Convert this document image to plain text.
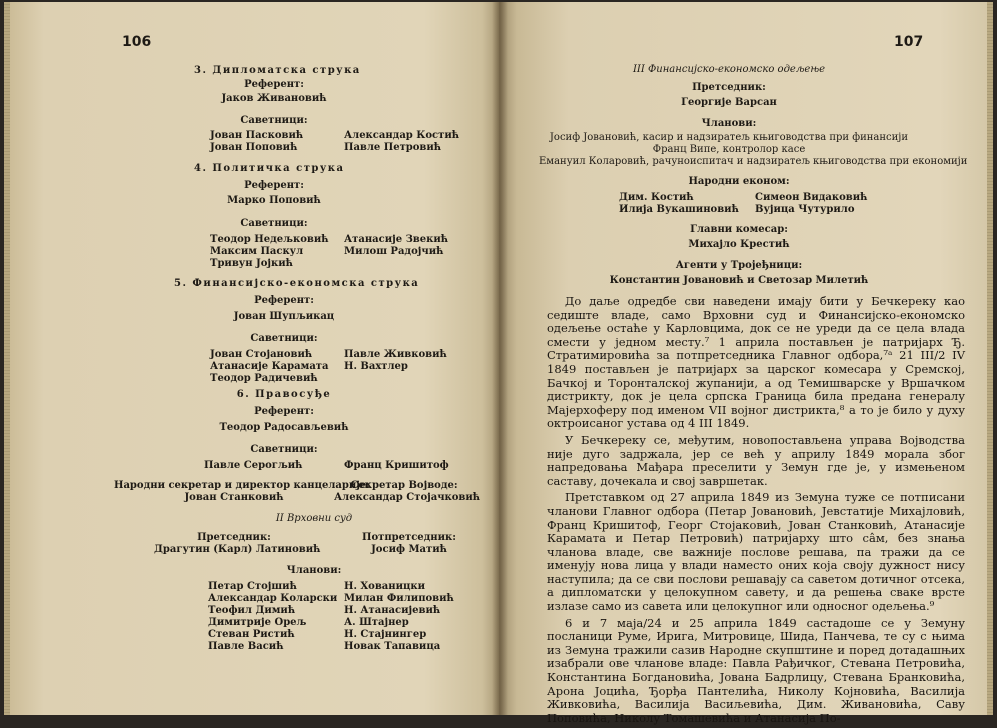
106
3. Дипломатска струка
Референт:
Јаков Живановић
Саветници:
Јован Пасковић
Јован Поповић
Александар Костић
Павле Петровић
4. Политичка струка
Референт:
Марко Поповић
Саветници:
Теодор Недељковић
Максим Паскул
Тривун Јојкић
Атанасије Звекић
Милош Радојчић
5. Финансијско-економска струка
Референт:
Јован Шупљикац
Саветници:
Јован Стојановић
Атанасије Карамата
Теодор Радичевић
Павле Живковић
Н. Вахтлер
6. Правосуђе
Референт:
Теодор Радосављевић
Саветници:
Павле Серогљић	Франц Кришитоф
Народни секретар и директор канцеларије:
Јован Станковић
Секретар Војводе:
Александар Стојачковић
II Врховни суд
Претседник:
Драгутин (Карл) Латиновић
Потпретседник:
Јосиф Матић
Чланови:
Петар Стојшић
Александар Коларски
Теофил Димић
Димитрије Орељ
Стеван Ристић
Павле Васић
Н. Хованицки
Милан Филиповић
Н. Атанасијевић
А. Штајнер
Н. Стајнингер
Новак Тапавица
107
III Финансијско-економско одељење
Претседник:
Георгије Варсан
Чланови:
Јосиф Јовановић, касир и надзиратељ књиговодства при финансији
Франц Випе, контролор касе
Емануил Коларовић, рачуноиспитач и надзиратељ књиговодства при економији
Народни економ:
Дим. Костић
Илија Вукашиновић
Симеон Видаковић
Вујица Чутурило
Главни комесар:
Михајло Крестић
Агенти у Трojеђници:
Константин Јовановић и Светозар Милетић

До даље одредбе сви наведени имају бити у Бечкереку као седиште владе, само Врховни суд и Финансијско-економско одељење остаће у Карловцима, док се не уреди да се цела влада смести у једном месту.⁷ 1 априла постављен је патријарх Ђ. Стратимировића за потпретседника Главног одбора,⁷ᵃ 21 III/2 IV 1849 постављен је патријарх за царског комесара у Сремској, Бачкој и Торонталској жупанији, а од Темишварске у Вршачком дистрикту, док је цела српска Граница била предана генералу Мајерхоферу под именом VII војног дистрикта,⁸ а то је било у духу октроисаног устава од 4 III 1849.

У Бечкереку се, међутим, новопостављена управа Војводства није дуго задржала, јер се већ у априлу 1849 морала због напредовања Мађара преселити у Земун где је, у измењеном саставу, дочекала и свој завршетак.

Претставком од 27 априла 1849 из Земуна туже се потписани чланови Главног одбора (Петар Јовановић, Јевстатије Михајловић, Франц Кришитоф, Георг Стојаковић, Јован Станковић, Атанасије Карамата и Петар Петровић) патријарху што сâм, без знања чланова владе, све важније послове решава, па тражи да се именују нова лица у влади наместо оних која своју дужност нису наступила; да се сви послови решавају са саветом дотичног отсека, а дипломатски у целокупном савету, и да решења сваке врсте излазе само из савета или целокупног или односног одељења.⁹

6 и 7 маја/24 и 25 априла 1849 састадоше се у Земуну посланици Руме, Ирига, Митровице, Шида, Панчева, те су с њима из Земуна тражили сазив Народне скупштине и поред дотадашњих изабрали ове чланове владе: Павла Рађичког, Стевана Петровића, Константина Богдановића, Јована Бадрлицу, Стевана Бранковића, Арона Јоцића, Ђорђа Пантелића, Николу Којновића, Василија Живковића, Василија Васиљевића, Дим. Живановића, Саву Поповића, Николу Томашевића и Атанасија По-
